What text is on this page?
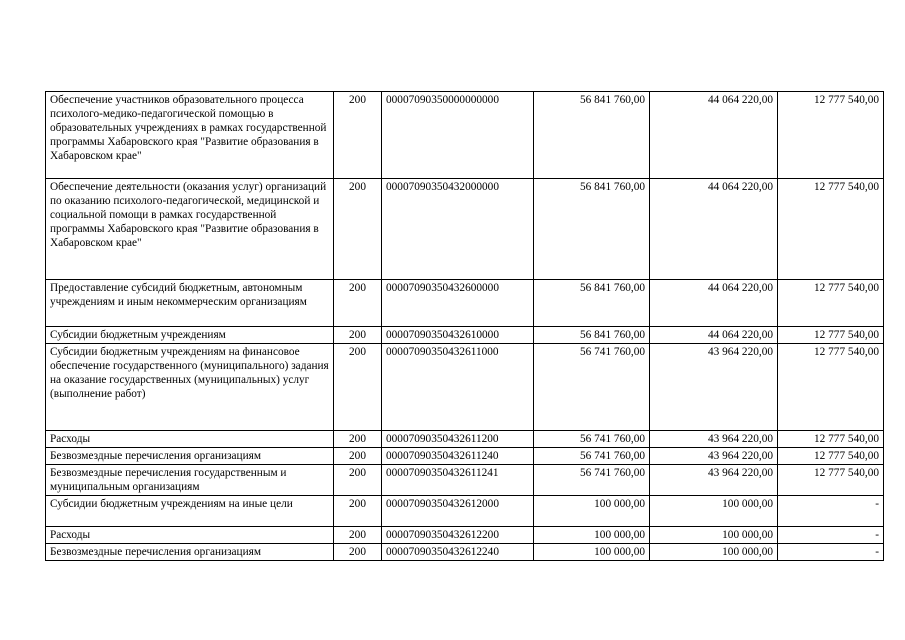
Обеспечение участников образовательного процесса психолого-медико-педагогической помощью в образовательных учреждениях в рамках государственной программы Хабаровского края "Развитие образования в Хабаровском крае"	200	00007090350000000000	56 841 760,00	44 064 220,00	12 777 540,00
Обеспечение деятельности (оказания услуг) организаций по оказанию психолого-педагогической, медицинской и социальной помощи в рамках государственной программы Хабаровского края "Развитие образования в Хабаровском крае"	200	00007090350432000000	56 841 760,00	44 064 220,00	12 777 540,00
Предоставление субсидий бюджетным, автономным учреждениям и иным некоммерческим организациям	200	00007090350432600000	56 841 760,00	44 064 220,00	12 777 540,00
Субсидии бюджетным учреждениям	200	00007090350432610000	56 841 760,00	44 064 220,00	12 777 540,00
Субсидии бюджетным учреждениям на финансовое обеспечение государственного (муниципального) задания на оказание государственных (муниципальных) услуг (выполнение работ)	200	00007090350432611000	56 741 760,00	43 964 220,00	12 777 540,00
Расходы	200	00007090350432611200	56 741 760,00	43 964 220,00	12 777 540,00
Безвозмездные перечисления организациям	200	00007090350432611240	56 741 760,00	43 964 220,00	12 777 540,00
Безвозмездные перечисления государственным и муниципальным организациям	200	00007090350432611241	56 741 760,00	43 964 220,00	12 777 540,00
Субсидии бюджетным учреждениям на иные цели	200	00007090350432612000	100 000,00	100 000,00	-
Расходы	200	00007090350432612200	100 000,00	100 000,00	-
Безвозмездные перечисления организациям	200	00007090350432612240	100 000,00	100 000,00	-
